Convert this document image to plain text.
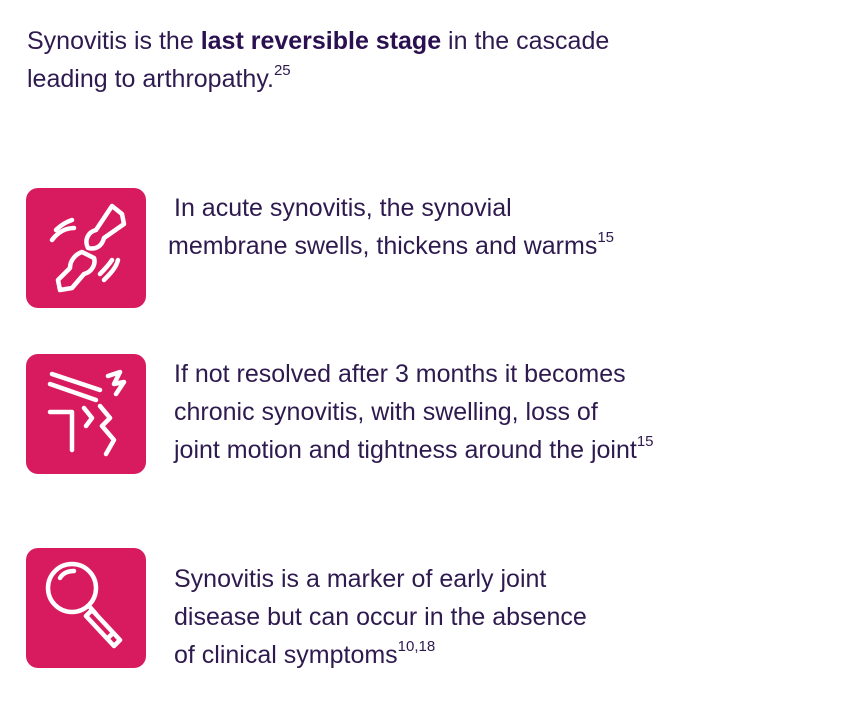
Synovitis is the last reversible stage in the cascade
leading to arthropathy.$^{25}$
In acute synovitis, the synovial
membrane swells, thickens and warms$^{15}$
If not resolved after 3 months it becomes
chronic synovitis, with swelling, loss of
joint motion and tightness around the joint$^{15}$
Synovitis is a marker of early joint
disease but can occur in the absence
of clinical symptoms$^{10,18}$
